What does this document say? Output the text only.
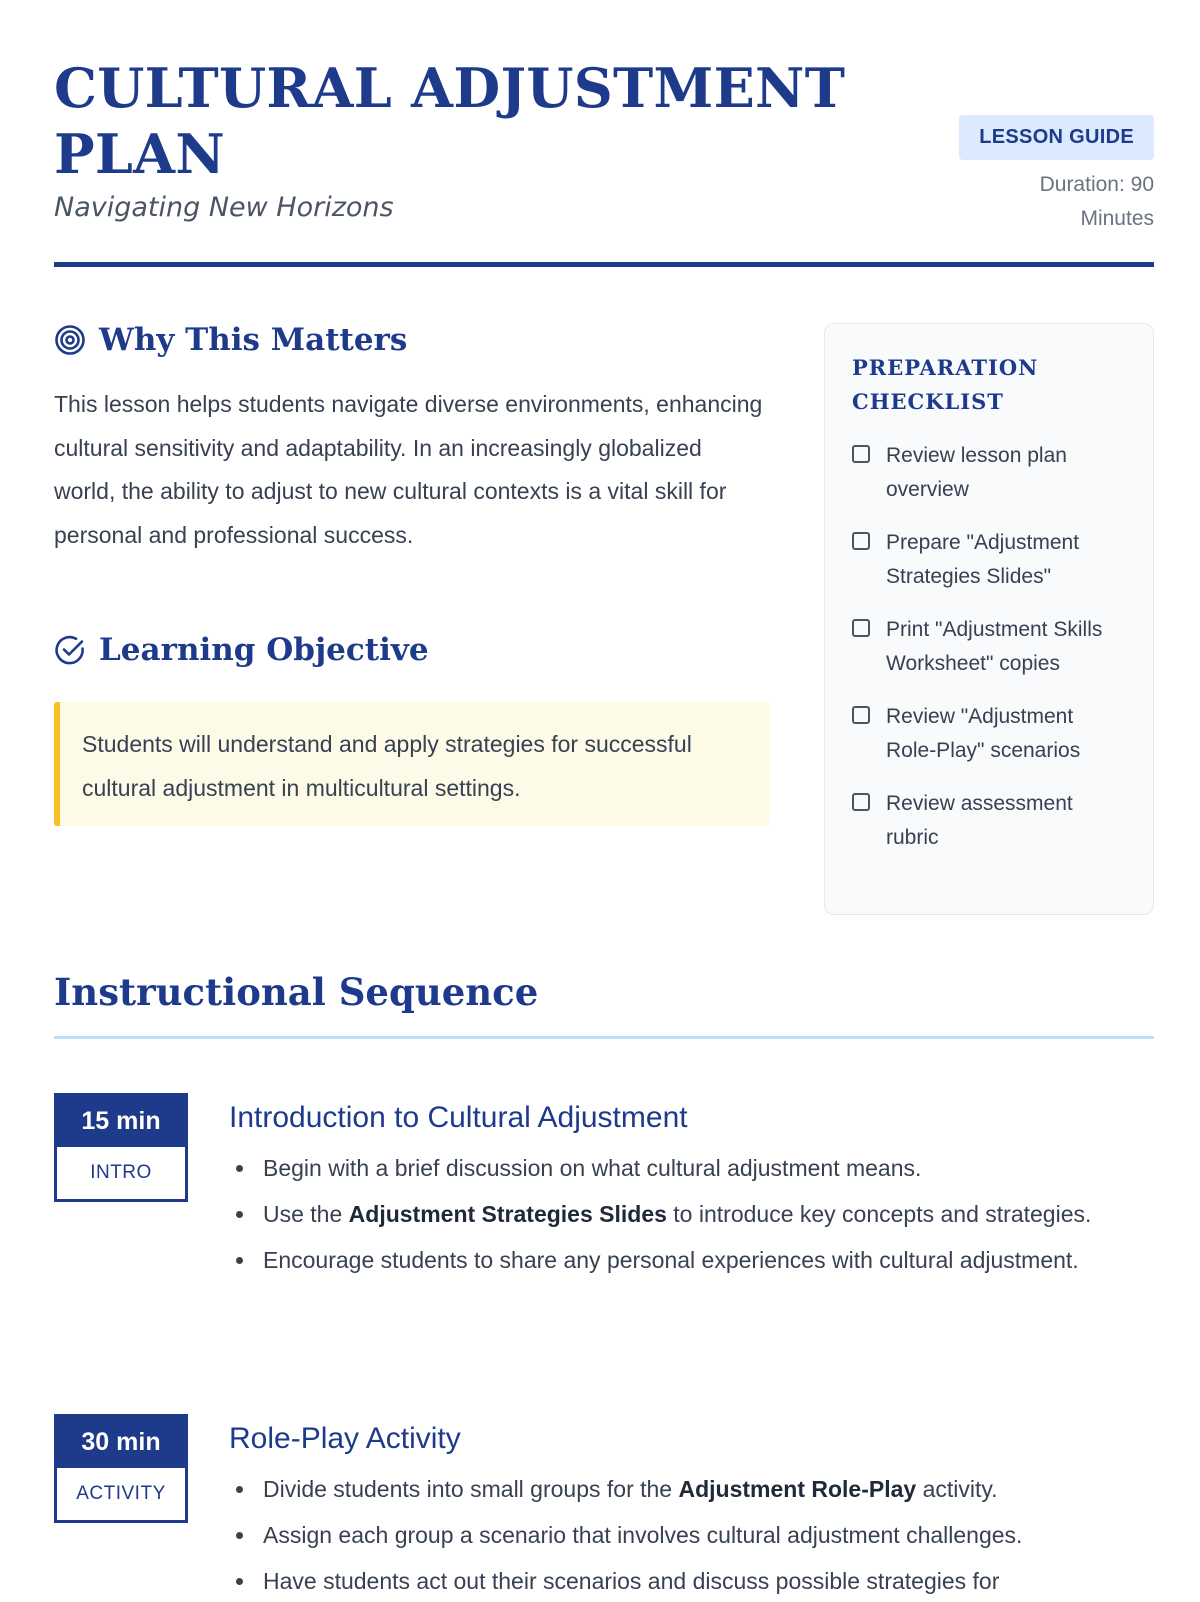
CULTURAL ADJUSTMENT PLAN
Navigating New Horizons
LESSON GUIDE
Duration: 90 Minutes
Why This Matters

This lesson helps students navigate diverse environments, enhancing cultural sensitivity and adaptability. In an increasingly globalized world, the ability to adjust to new cultural contexts is a vital skill for personal and professional success.

Learning Objective

Students will understand and apply strategies for successful cultural adjustment in multicultural settings.

PREPARATION CHECKLIST
Review lesson plan overview
Prepare "Adjustment Strategies Slides"
Print "Adjustment Skills Worksheet" copies
Review "Adjustment Role-Play" scenarios
Review assessment rubric
Instructional Sequence
15 min
INTRO
Introduction to Cultural Adjustment
Begin with a brief discussion on what cultural adjustment means.
Use the Adjustment Strategies Slides to introduce key concepts and strategies.
Encourage students to share any personal experiences with cultural adjustment.
30 min
ACTIVITY
Role-Play Activity
Divide students into small groups for the Adjustment Role-Play activity.
Assign each group a scenario that involves cultural adjustment challenges.
Have students act out their scenarios and discuss possible strategies for
